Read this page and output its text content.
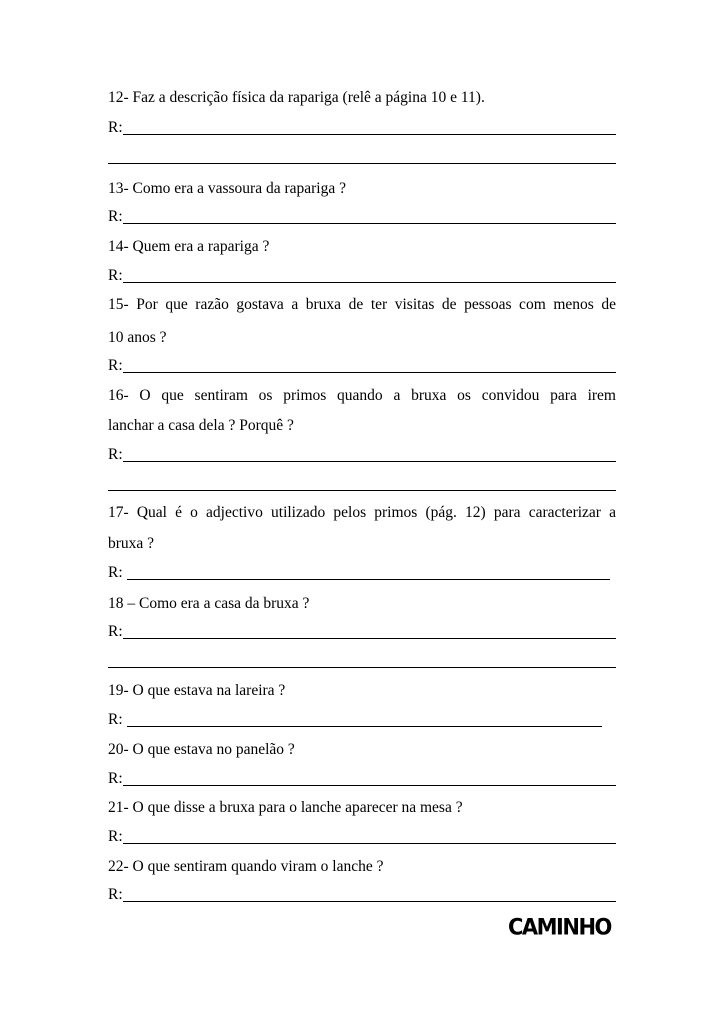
12- Faz a descrição física da rapariga (relê a página 10 e 11).
R:
13- Como era a vassoura da rapariga ?
R:
14- Quem era a rapariga ?
R:
15- Por que razão gostava a bruxa de ter visitas de pessoas com menos de
10 anos ?
R:
16- O que sentiram os primos quando a bruxa os convidou para irem
lanchar a casa dela ? Porquê ?
R:
17- Qual é o adjectivo utilizado pelos primos (pág. 12) para caracterizar a
bruxa ?
R:
18 – Como era a casa da bruxa ?
R:
19- O que estava na lareira ?
R:
20- O que estava no panelão ?
R:
21- O que disse a bruxa para o lanche aparecer na mesa ?
R:
22- O que sentiram quando viram o lanche ?
R:
CAMINHO
